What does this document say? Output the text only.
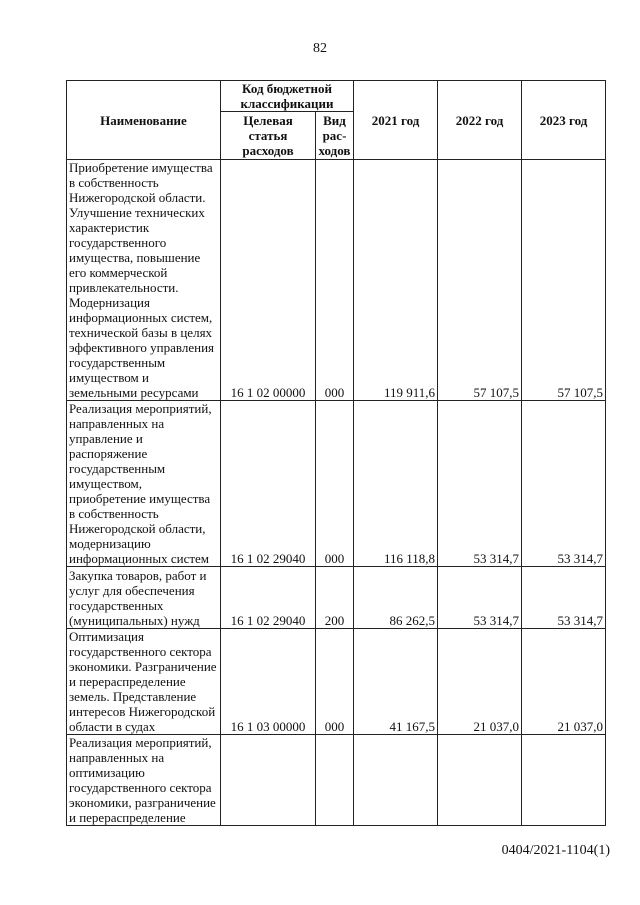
82
Наименование	Код бюджетной классификации		2021 год	2022 год	2023 год
	Целевая статья расходов	Вид рас-ходов			
Приобретение имущества в собственность Нижегородской области. Улучшение технических характеристик государственного имущества, повышение его коммерческой привлекательности. Модернизация информационных систем, технической базы в целях эффективного управления государственным имуществом и земельными ресурсами	16 1 02 00000	000	119 911,6	57 107,5	57 107,5
Реализация мероприятий, направленных на управление и распоряжение государственным имуществом, приобретение имущества в собственность Нижегородской области, модернизацию информационных систем	16 1 02 29040	000	116 118,8	53 314,7	53 314,7
Закупка товаров, работ и услуг для обеспечения государственных (муниципальных) нужд	16 1 02 29040	200	86 262,5	53 314,7	53 314,7
Оптимизация государственного сектора экономики. Разграничение и перераспределение земель. Представление интересов Нижегородской области в судах	16 1 03 00000	000	41 167,5	21 037,0	21 037,0
Реализация мероприятий, направленных на оптимизацию государственного сектора экономики, разграничение и перераспределение					
0404/2021-1104(1)
